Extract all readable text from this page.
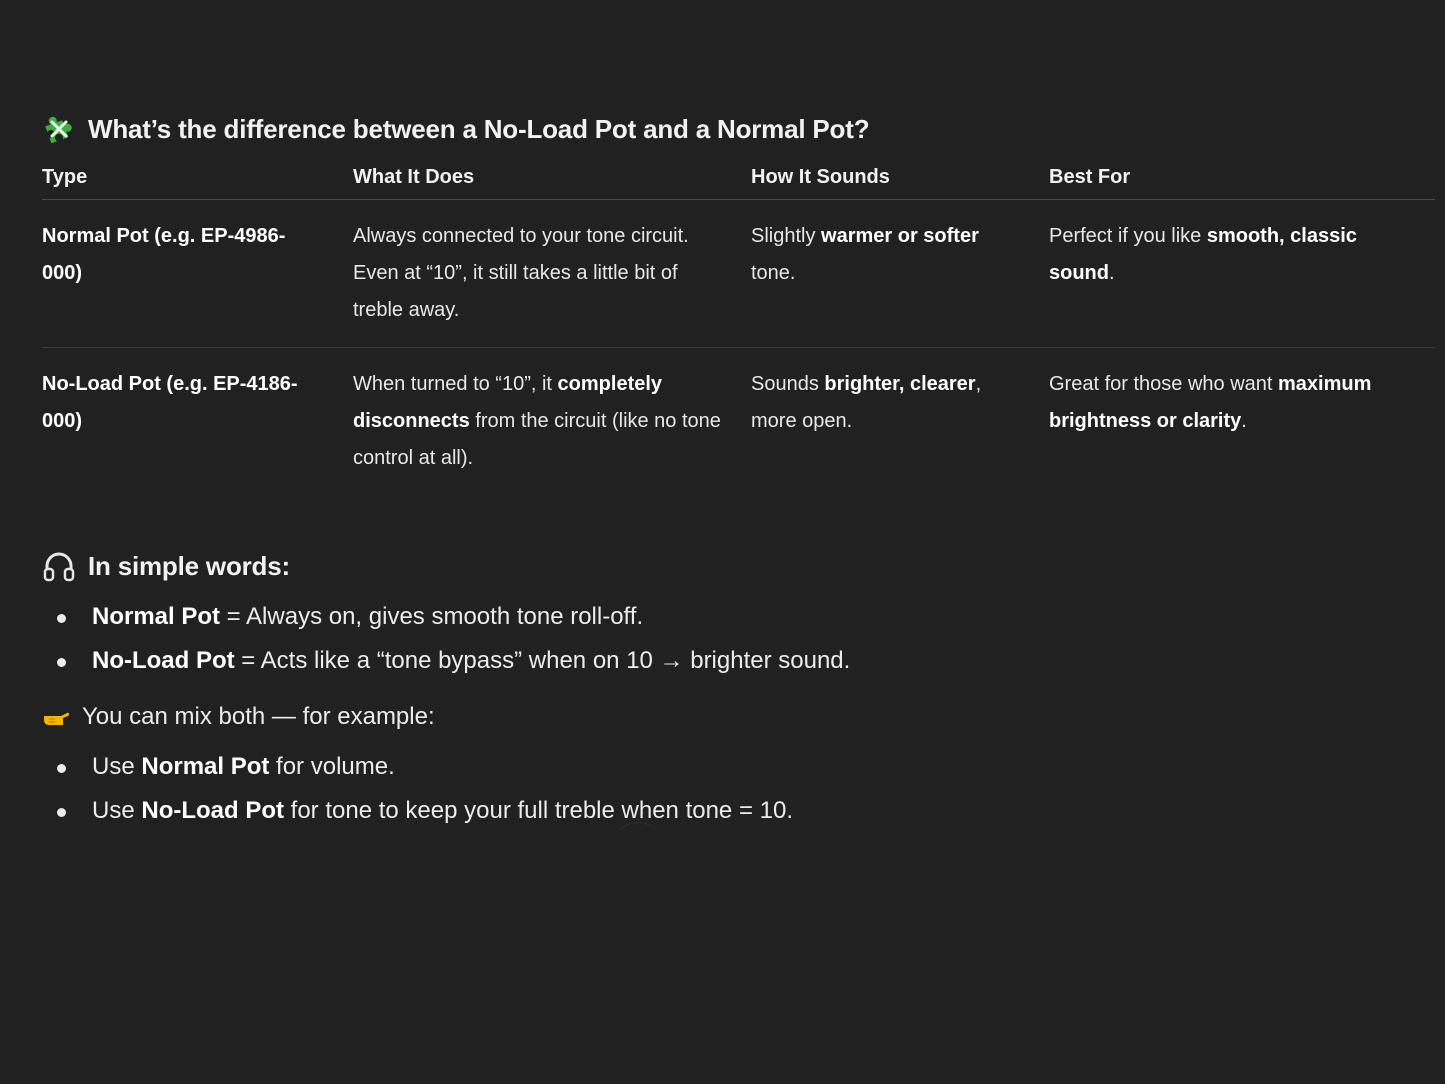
What’s the difference between a No-Load Pot and a Normal Pot?
Type	What It Does	How It Sounds	Best For
Normal Pot (e.g. EP-4986-000)	Always connected to your tone circuit. Even at “10”, it still takes a little bit of treble away.	Slightly warmer or softer tone.	Perfect if you like smooth, classic sound.
No-Load Pot (e.g. EP-4186-000)	When turned to “10”, it completely disconnects from the circuit (like no tone control at all).	Sounds brighter, clearer, more open.	Great for those who want maximum brightness or clarity.
In simple words:
Normal Pot = Always on, gives smooth tone roll-off.
No-Load Pot = Acts like a “tone bypass” when on 10 → brighter sound.
You can mix both — for example:
Use Normal Pot for volume.
Use No-Load Pot for tone to keep your full treble when tone = 10.
